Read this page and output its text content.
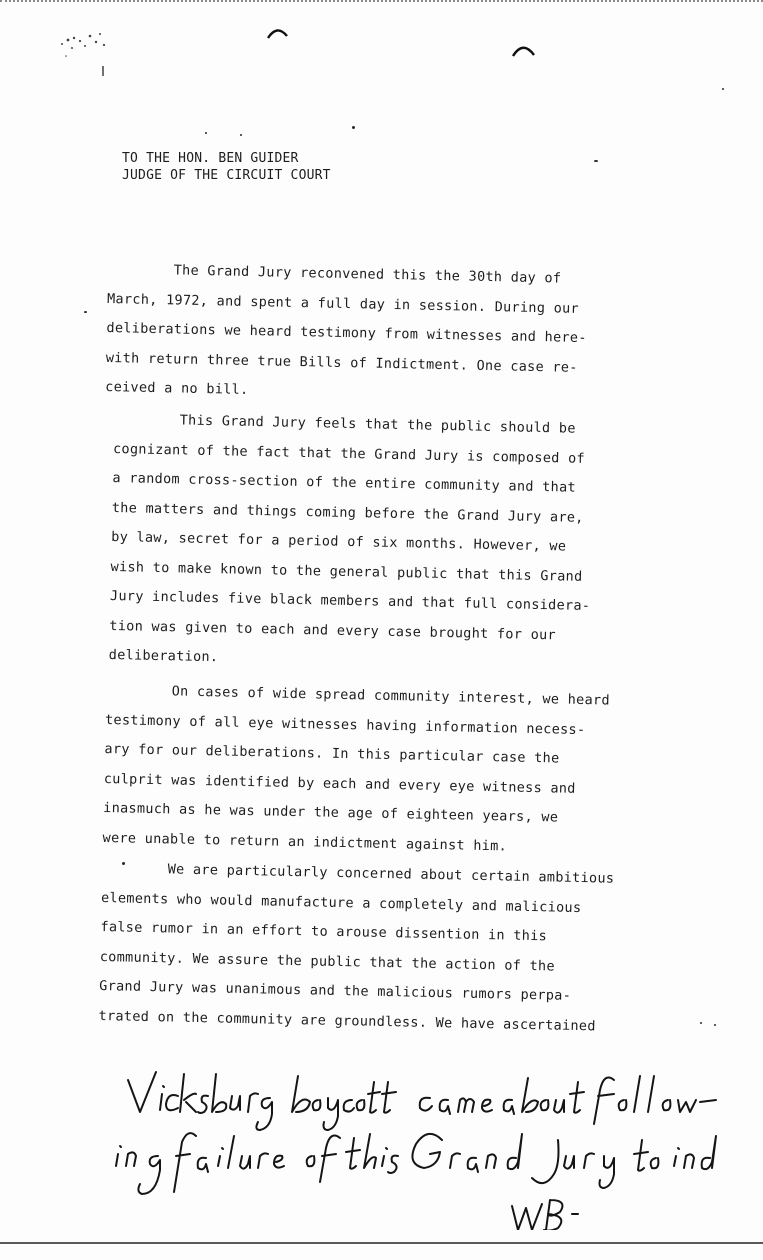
TO THE HON. BEN GUIDER
JUDGE OF THE CIRCUIT COURT
The Grand Jury reconvened this the 30th day of
March, 1972, and spent a full day in session. During our
deliberations we heard testimony from witnesses and here-
with return three true Bills of Indictment. One case re-
ceived a no bill.
This Grand Jury feels that the public should be
cognizant of the fact that the Grand Jury is composed of
a random cross-section of the entire community and that
the matters and things coming before the Grand Jury are,
by law, secret for a period of six months. However, we
wish to make known to the general public that this Grand
Jury includes five black members and that full considera-
tion was given to each and every case brought for our
deliberation.
On cases of wide spread community interest, we heard
testimony of all eye witnesses having information necess-
ary for our deliberations. In this particular case the
culprit was identified by each and every eye witness and
inasmuch as he was under the age of eighteen years, we
were unable to return an indictment against him.
We are particularly concerned about certain ambitious
elements who would manufacture a completely and malicious
false rumor in an effort to arouse dissention in this
community. We assure the public that the action of the
Grand Jury was unanimous and the malicious rumors perpa-
trated on the community are groundless. We have ascertained
